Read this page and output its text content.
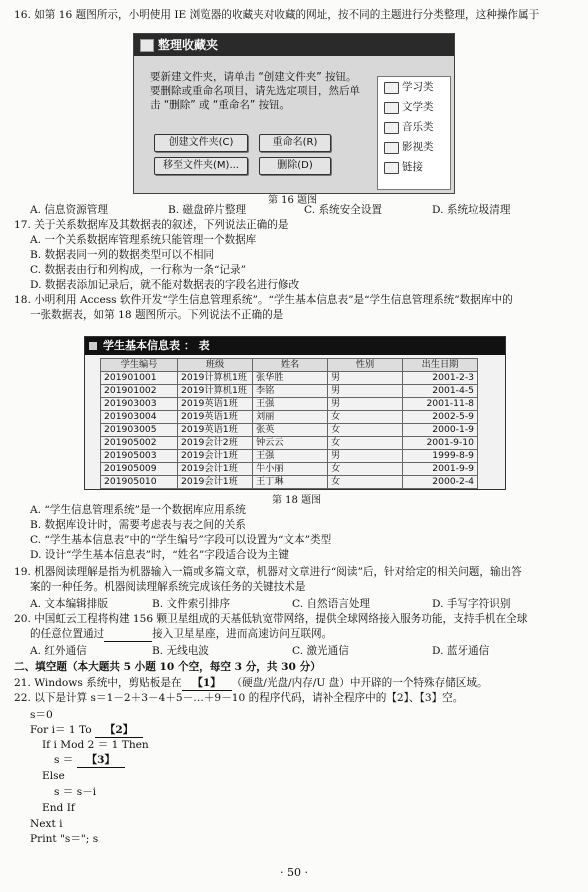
16. 如第 16 题图所示，小明使用 IE 浏览器的收藏夹对收藏的网址，按不同的主题进行分类整理，这种操作属于
整理收藏夹
要新建文件夹，请单击 “创建文件夹” 按钮。要删除或重命名项目，请先选定项目，然后单击 “删除” 或 “重命名” 按钮。
创建文件夹(C)	重命名(R)
移至文件夹(M)...	删除(D)
学习类
文学类
音乐类
影视类
链接
第 16 题图
A. 信息资源管理	B. 磁盘碎片整理	C. 系统安全设置	D. 系统垃圾清理
17. 关于关系数据库及其数据表的叙述，下列说法正确的是
A. 一个关系数据库管理系统只能管理一个数据库
B. 数据表同一列的数据类型可以不相同
C. 数据表由行和列构成，一行称为一条“记录”
D. 数据表添加记录后，就不能对数据表的字段名进行修改
18. 小明利用 Access 软件开发“学生信息管理系统”。“学生基本信息表”是“学生信息管理系统”数据库中的
一张数据表，如第 18 题图所示。下列说法不正确的是
学生基本信息表 ： 表
学生编号	班级	姓名	性别	出生日期
201901001	2019计算机1班	张华胜	男	2001-2-3
201901002	2019计算机1班	李铭	男	2001-4-5
201903003	2019英语1班	王强	男	2001-11-8
201903004	2019英语1班	刘丽	女	2002-5-9
201903005	2019英语1班	张英	女	2000-1-9
201905002	2019会计2班	钟云云	女	2001-9-10
201905003	2019会计1班	王强	男	1999-8-9
201905009	2019会计1班	牛小丽	女	2001-9-9
201905010	2019会计1班	王丁琳	女	2000-2-4
第 18 题图
A. “学生信息管理系统”是一个数据库应用系统
B. 数据库设计时，需要考虑表与表之间的关系
C. “学生基本信息表”中的“学生编号”字段可以设置为“文本”类型
D. 设计“学生基本信息表”时，“姓名”字段适合设为主键
19. 机器阅读理解是指为机器输入一篇或多篇文章，机器对文章进行“阅读”后，针对给定的相关问题，输出答
案的一种任务。机器阅读理解系统完成该任务的关键技术是
A. 文本编辑排版	B. 文件索引排序	C. 自然语言处理	D. 手写字符识别
20. 中国虹云工程将构建 156 颗卫星组成的天基低轨宽带网络，提供全球网络接入服务功能，支持手机在全球
的任意位置通过	接入卫星星座，进而高速访问互联网。
A. 红外通信	B. 无线电波	C. 激光通信	D. 蓝牙通信
二、填空题（本大题共 5 小题 10 个空，每空 3 分，共 30 分）
21. Windows 系统中，剪贴板是在 【1】 （硬盘/光盘/内存/U 盘）中开辟的一个特殊存储区域。
22. 以下是计算 s＝1－2＋3－4＋5－…＋9－10 的程序代码，请补全程序中的【2】、【3】空。
s＝0
For i＝ 1 To 【2】
If i Mod 2 ＝ 1 Then
s ＝ 【3】
Else
s ＝ s－i
End If
Next i
Print "s＝"; s
· 50 ·
